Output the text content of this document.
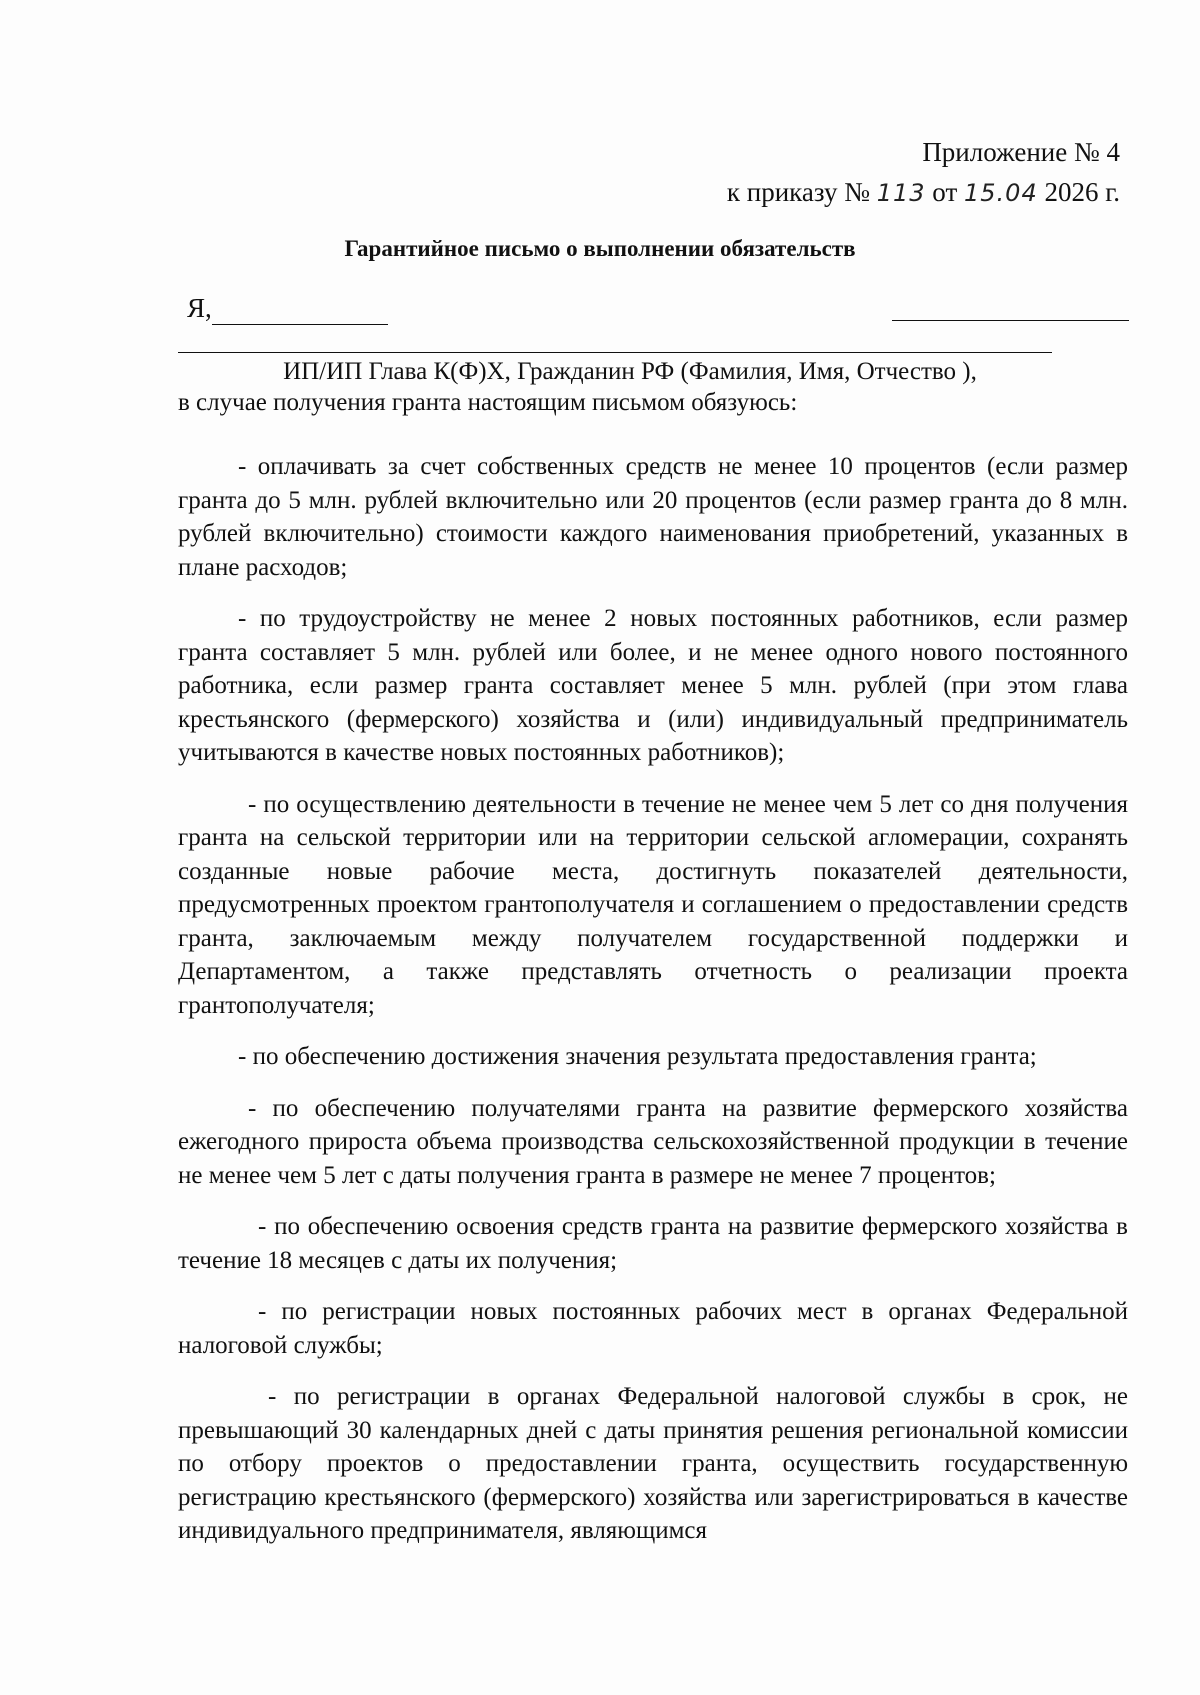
Приложение № 4
к приказу № 113 от 15.04 2026 г.
Гарантийное письмо о выполнении обязательств
Я,
ИП/ИП Глава К(Ф)Х, Гражданин РФ (Фамилия, Имя, Отчество ),
в случае получения гранта настоящим письмом обязуюсь:

- оплачивать за счет собственных средств не менее 10 процентов (если размер гранта до 5 млн. рублей включительно или 20 процентов (если размер гранта до 8 млн. рублей включительно) стоимости каждого наименования приобретений, указанных в плане расходов;

- по трудоустройству не менее 2 новых постоянных работников, если размер гранта составляет 5 млн. рублей или более, и не менее одного нового постоянного работника, если размер гранта составляет менее 5 млн. рублей (при этом глава крестьянского (фермерского) хозяйства и (или) индивидуальный предприниматель учитываются в качестве новых постоянных работников);

- по осуществлению деятельности в течение не менее чем 5 лет со дня получения гранта на сельской территории или на территории сельской агломерации, сохранять созданные новые рабочие места, достигнуть показателей деятельности, предусмотренных проектом грантополучателя и соглашением о предоставлении средств гранта, заключаемым между получателем государственной поддержки и Департаментом, а также представлять отчетность о реализации проекта грантополучателя;

- по обеспечению достижения значения результата предоставления гранта;

- по обеспечению получателями гранта на развитие фермерского хозяйства ежегодного прироста объема производства сельскохозяйственной продукции в течение не менее чем 5 лет с даты получения гранта в размере не менее 7 процентов;

- по обеспечению освоения средств гранта на развитие фермерского хозяйства в течение 18 месяцев с даты их получения;

- по регистрации новых постоянных рабочих мест в органах Федеральной налоговой службы;

- по регистрации в органах Федеральной налоговой службы в срок, не превышающий 30 календарных дней с даты принятия решения региональной комиссии по отбору проектов о предоставлении гранта, осуществить государственную регистрацию крестьянского (фермерского) хозяйства или зарегистрироваться в качестве индивидуального предпринимателя, являющимся
